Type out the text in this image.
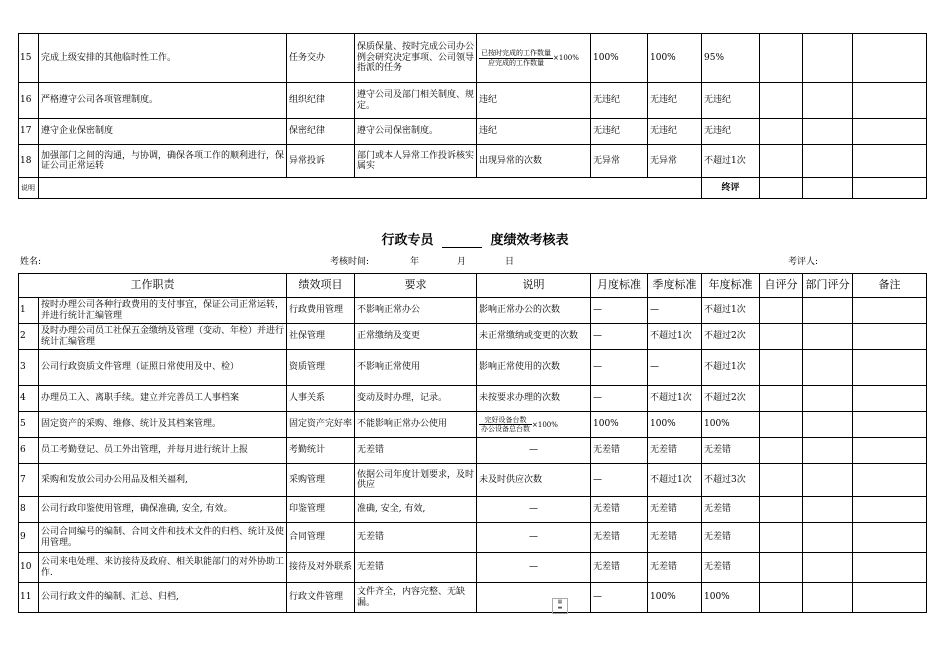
15	完成上级安排的其他临时性工作。	任务交办	保质保量、按时完成公司办公例会研究决定事项、公司领导指派的任务	$\frac{\text{已按时完成的工作数量}}{\text{应完成的工作数量}} \times 100\%$	100%	100%	95%			
16	严格遵守公司各项管理制度。	组织纪律	遵守公司及部门相关制度、规定。	违纪	无违纪	无违纪	无违纪			
17	遵守企业保密制度	保密纪律	遵守公司保密制度。	违纪	无违纪	无违纪	无违纪			
18	加强部门之间的沟通，与协调，确保各项工作的顺利进行，保证公司正常运转	异常投诉	部门或本人异常工作投诉核实属实	出现异常的次数	无异常	无异常	不超过1次			
说明							终评			
行政专员	度绩效考核表
姓名:	考核时间:	年	月	日	考评人:
工作职责		绩效项目	要求	说明	月度标准	季度标准	年度标准	自评分	部门评分	备注
1	按时办理公司各种行政费用的支付事宜，保证公司正常运转，并进行统计汇编管理	行政费用管理	不影响正常办公	影响正常办公的次数	—	—	不超过1次			
2	及时办理公司员工社保五金缴纳及管理（变动、年检）并进行统计汇编管理	社保管理	正常缴纳及变更	未正常缴纳或变更的次数	—	不超过1次	不超过2次			
3	公司行政资质文件管理（证照日常使用及中、检）	资质管理	不影响正常使用	影响正常使用的次数	—	—	不超过1次			
4	办理员工入、离职手续。建立并完善员工人事档案	人事关系	变动及时办理，记录。	未按要求办理的次数	—	不超过1次	不超过2次			
5	固定资产的采购、维修、统计及其档案管理。	固定资产完好率	不能影响正常办公使用	$\frac{\text{完好设备台数}}{\text{办公设备总台数}} \times 100\%$	100%	100%	100%			
6	员工考勤登记、员工外出管理，并每月进行统计上报	考勤统计	无差错	—	无差错	无差错	无差错			
7	采购和发放公司办公用品及相关福利,	采购管理	依据公司年度计划要求，及时供应	未及时供应次数	—	不超过1次	不超过3次			
8	公司行政印鉴使用管理，确保准确, 安全, 有效。	印鉴管理	准确, 安全, 有效,	—	无差错	无差错	无差错			
9	公司合同编号的编制、合同文件和技术文件的归档、统计及使用管理。	合同管理	无差错	—	无差错	无差错	无差错			
10	公司来电处理、来访接待及政府、相关职能部门的对外协助工作.	接待及对外联系	无差错	—	无差错	无差错	无差错			
11	公司行政文件的编制、汇总、归档,	行政文件管理	文件齐全，内容完整、无缺漏。		—	100%	100%			
▦
▬
